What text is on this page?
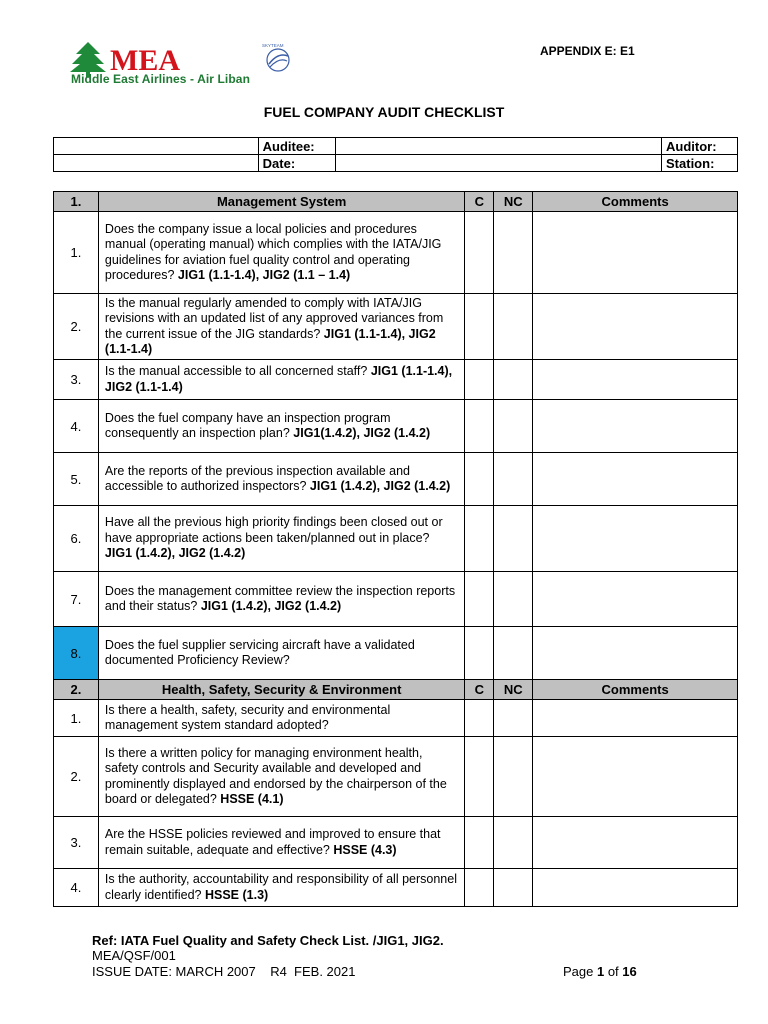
MEA	SKYTEAM
Middle East Airlines - Air Liban
APPENDIX E: E1
FUEL COMPANY AUDIT CHECKLIST
	Auditee:		Auditor:
	Date:		Station:
1.	Management System	C	NC	Comments
1.	Does the company issue a local policies and procedures manual (operating manual) which complies with the IATA/JIG guidelines for aviation fuel quality control and operating procedures? JIG1 (1.1-1.4), JIG2 (1.1 – 1.4)			
2.	Is the manual regularly amended to comply with IATA/JIG revisions with an updated list of any approved variances from the current issue of the JIG standards? JIG1 (1.1-1.4), JIG2 (1.1-1.4)			
3.	Is the manual accessible to all concerned staff? JIG1 (1.1-1.4), JIG2 (1.1-1.4)			
4.	Does the fuel company have an inspection program consequently an inspection plan? JIG1(1.4.2), JIG2 (1.4.2)			
5.	Are the reports of the previous inspection available and accessible to authorized inspectors? JIG1 (1.4.2), JIG2 (1.4.2)			
6.	Have all the previous high priority findings been closed out or have appropriate actions been taken/planned out in place? JIG1 (1.4.2), JIG2 (1.4.2)			
7.	Does the management committee review the inspection reports and their status? JIG1 (1.4.2), JIG2 (1.4.2)			
8.	Does the fuel supplier servicing aircraft have a validated documented Proficiency Review?			
2.	Health, Safety, Security & Environment	C	NC	Comments
1.	Is there a health, safety, security and environmental management system standard adopted?			
2.	Is there a written policy for managing environment health, safety controls and Security available and developed and prominently displayed and endorsed by the chairperson of the board or delegated? HSSE (4.1)			
3.	Are the HSSE policies reviewed and improved to ensure that remain suitable, adequate and effective? HSSE (4.3)			
4.	Is the authority, accountability and responsibility of all personnel clearly identified? HSSE (1.3)			
Ref: IATA Fuel Quality and Safety Check List. /JIG1, JIG2.
MEA/QSF/001
ISSUE DATE: MARCH 2007    R4  FEB. 2021	Page 1 of 16
